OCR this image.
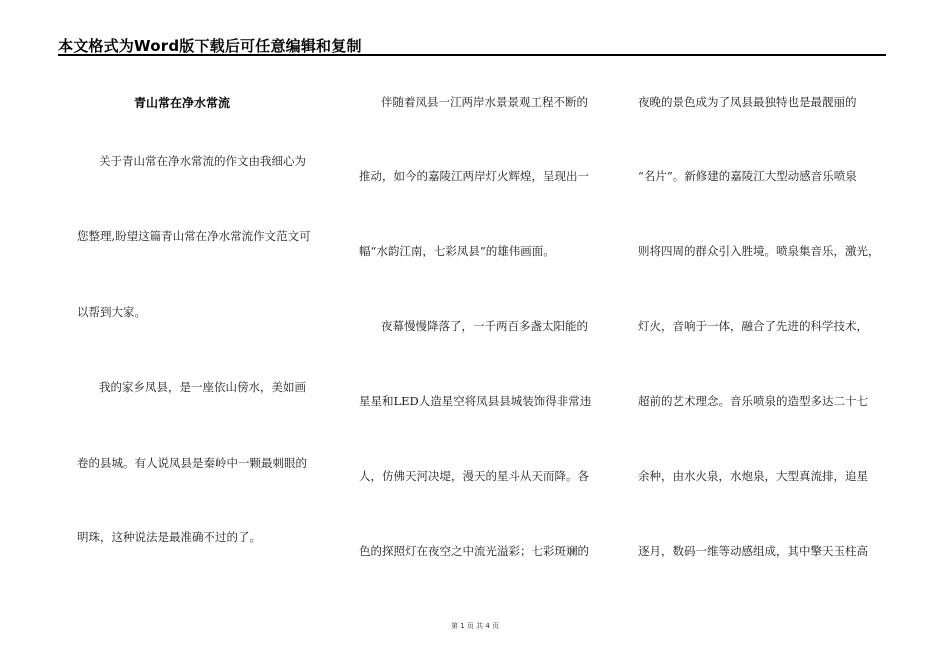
本文格式为Word版下载后可任意编辑和复制
青山常在净水常流
关于青山常在净水常流的作文由我细心为
您整理,盼望这篇青山常在净水常流作文范文可
以帮到大家。
我的家乡凤县，是一座依山傍水，美如画
卷的县城。有人说凤县是秦岭中一颗最刺眼的
明珠，这种说法是最准确不过的了。
伴随着凤县一江两岸水景景观工程不断的
推动，如今的嘉陵江两岸灯火辉煌，呈现出一
幅“水韵江南，七彩凤县”的雄伟画面。
夜幕慢慢降落了，一千两百多盏太阳能的
星星和LED人造星空将凤县县城装饰得非常违
人，仿佛天河决堤，漫天的星斗从天而降。各
色的探照灯在夜空之中流光溢彩；七彩斑斓的
夜晚的景色成为了凤县最独特也是最靓丽的
“名片”。新修建的嘉陵江大型动感音乐喷泉
则将四周的群众引入胜境。喷泉集音乐，激光，
灯火，音响于一体，融合了先进的科学技术，
超前的艺术理念。音乐喷泉的造型多达二十七
余种，由水火泉，水炮泉，大型真流排，追星
逐月，数码一维等动感组成，其中擎天玉柱高
第 1 页 共 4 页
